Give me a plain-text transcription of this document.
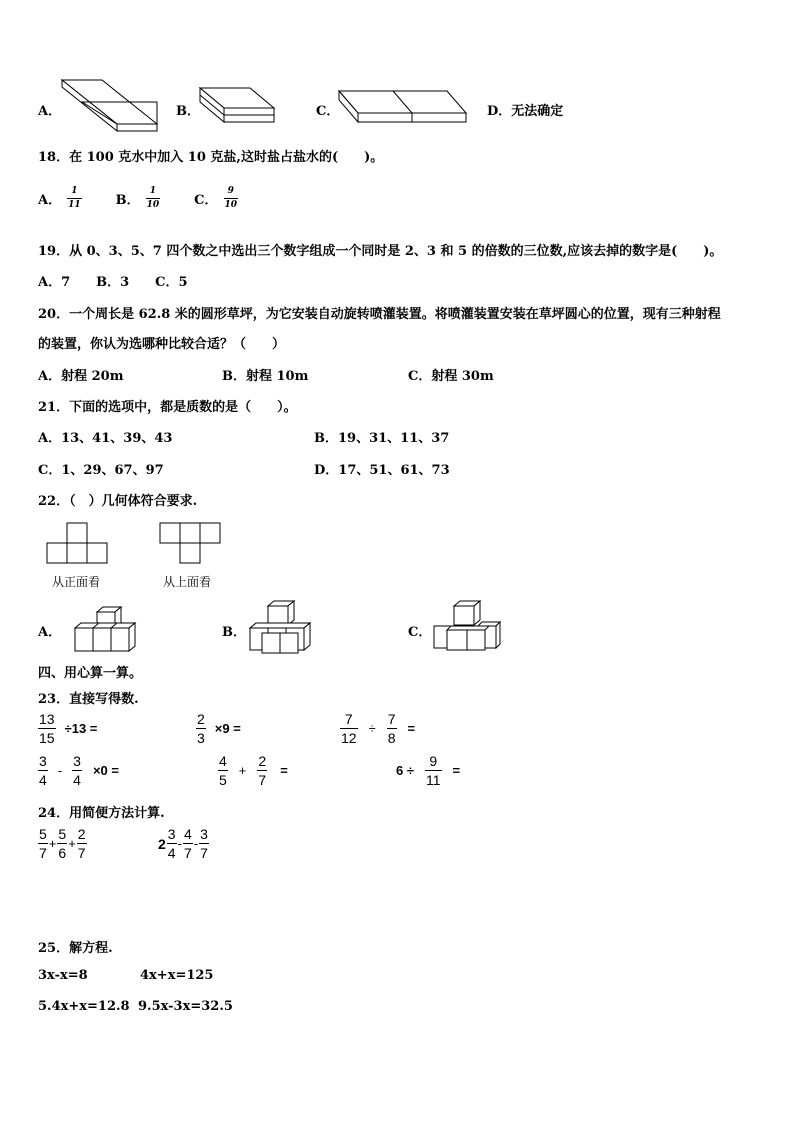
A．	B．	C．	D．无法确定
18．在 100 克水中加入 10 克盐,这时盐占盐水的(　　)。
A． $\frac{1}{11}$	B． $\frac{1}{10}$	C． $\frac{9}{10}$
19．从 0、3、5、7 四个数之中选出三个数字组成一个同时是 2、3 和 5 的倍数的三位数,应该去掉的数字是(　　)。
A．7　　B．3　　C．5
20．一个周长是 62.8 米的圆形草坪，为它安装自动旋转喷灌装置。将喷灌装置安装在草坪圆心的位置，现有三种射程
的装置，你认为选哪种比较合适？（　　）
A．射程 20m	B．射程 10m	C．射程 30m
21．下面的选项中，都是质数的是（　　）。
A．13、41、39、43	B．19、31、11、37
C．1、29、67、97	D．17、51、61、73
22．（　）几何体符合要求.
从正面看	从上面看
A．	B．	C．
四、用心算一算。
23．直接写得数.
$\frac{13}{15} \div 13$ =	$\frac{2}{3} \times 9$ =	$\frac{7}{12} \div \frac{7}{8}$ =
$\frac{3}{4} - \frac{3}{4} \times 0$ =	$\frac{4}{5} + \frac{2}{7}$ =	$6 \div \frac{9}{11}$ =
24．用简便方法计算.
$\frac{5}{7} + \frac{5}{6} + \frac{2}{7}$	$2 \frac{3}{4} - \frac{4}{7} - \frac{3}{7}$
25．解方程.
3x-x=8	4x+x=125
5.4x+x=12.8 9.5x-3x=32.5
